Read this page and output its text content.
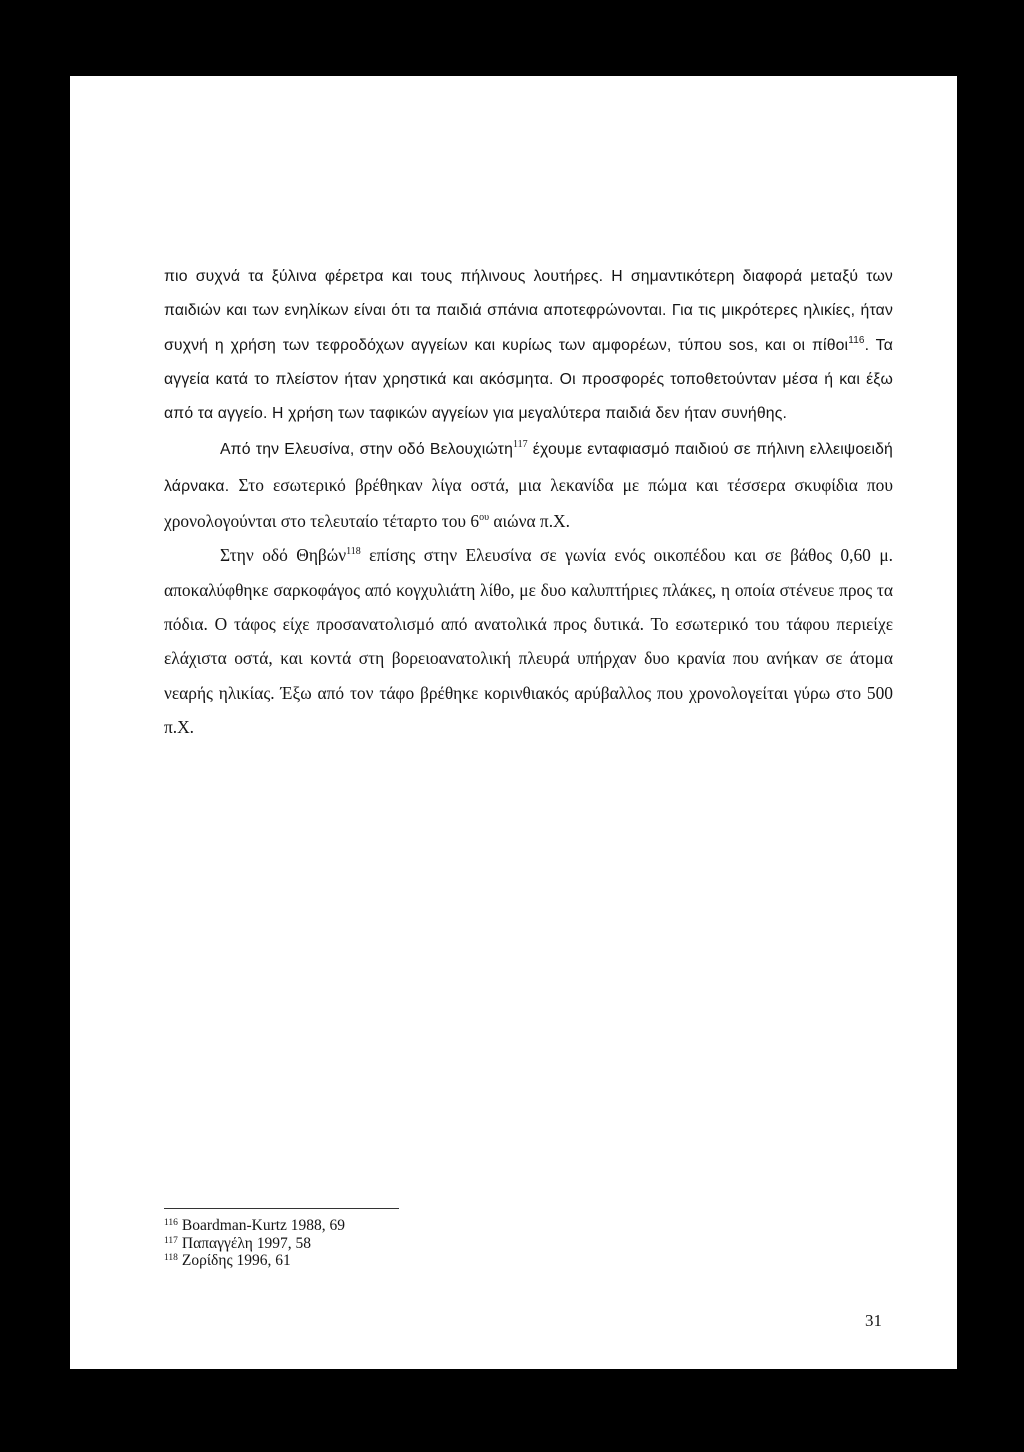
πιο συχνά τα ξύλινα φέρετρα και τους πήλινους λουτήρες. Η σημαντικότερη διαφορά μεταξύ των παιδιών και των ενηλίκων είναι ότι τα παιδιά σπάνια αποτεφρώνονται. Για τις μικρότερες ηλικίες, ήταν συχνή η χρήση των τεφροδόχων αγγείων και κυρίως των αμφορέων, τύπου sos, και οι πίθοι$^{116}$. Τα αγγεία κατά το πλείστον ήταν χρηστικά και ακόσμητα. Οι προσφορές τοποθετούνταν μέσα ή και έξω από τα αγγείο. Η χρήση των ταφικών αγγείων για μεγαλύτερα παιδιά δεν ήταν συνήθης.

Από την Ελευσίνα, στην οδό Βελουχιώτη$^{117}$ έχουμε ενταφιασμό παιδιού σε πήλινη ελλειψοειδή λάρνακα. Στο εσωτερικό βρέθηκαν λίγα οστά, μια λεκανίδα με πώμα και τέσσερα σκυφίδια που χρονολογούνται στο τελευταίο τέταρτο του $6^{o\upsilon}$ αιώνα π.Χ.

Στην οδό Θηβών$^{118}$ επίσης στην Ελευσίνα σε γωνία ενός οικοπέδου και σε βάθος 0,60 μ. αποκαλύφθηκε σαρκοφάγος από κογχυλιάτη λίθο, με δυο καλυπτήριες πλάκες, η οποία στένευε προς τα πόδια. Ο τάφος είχε προσανατολισμό από ανατολικά προς δυτικά. Το εσωτερικό του τάφου περιείχε ελάχιστα οστά, και κοντά στη βορειοανατολική πλευρά υπήρχαν δυο κρανία που ανήκαν σε άτομα νεαρής ηλικίας. Έξω από τον τάφο βρέθηκε κορινθιακός αρύβαλλος που χρονολογείται γύρω στο 500 π.Χ.

$^{116}$ Boardman-Kurtz 1988, 69
$^{117}$ Παπαγγέλη 1997, 58
$^{118}$ Ζορίδης 1996, 61
31
